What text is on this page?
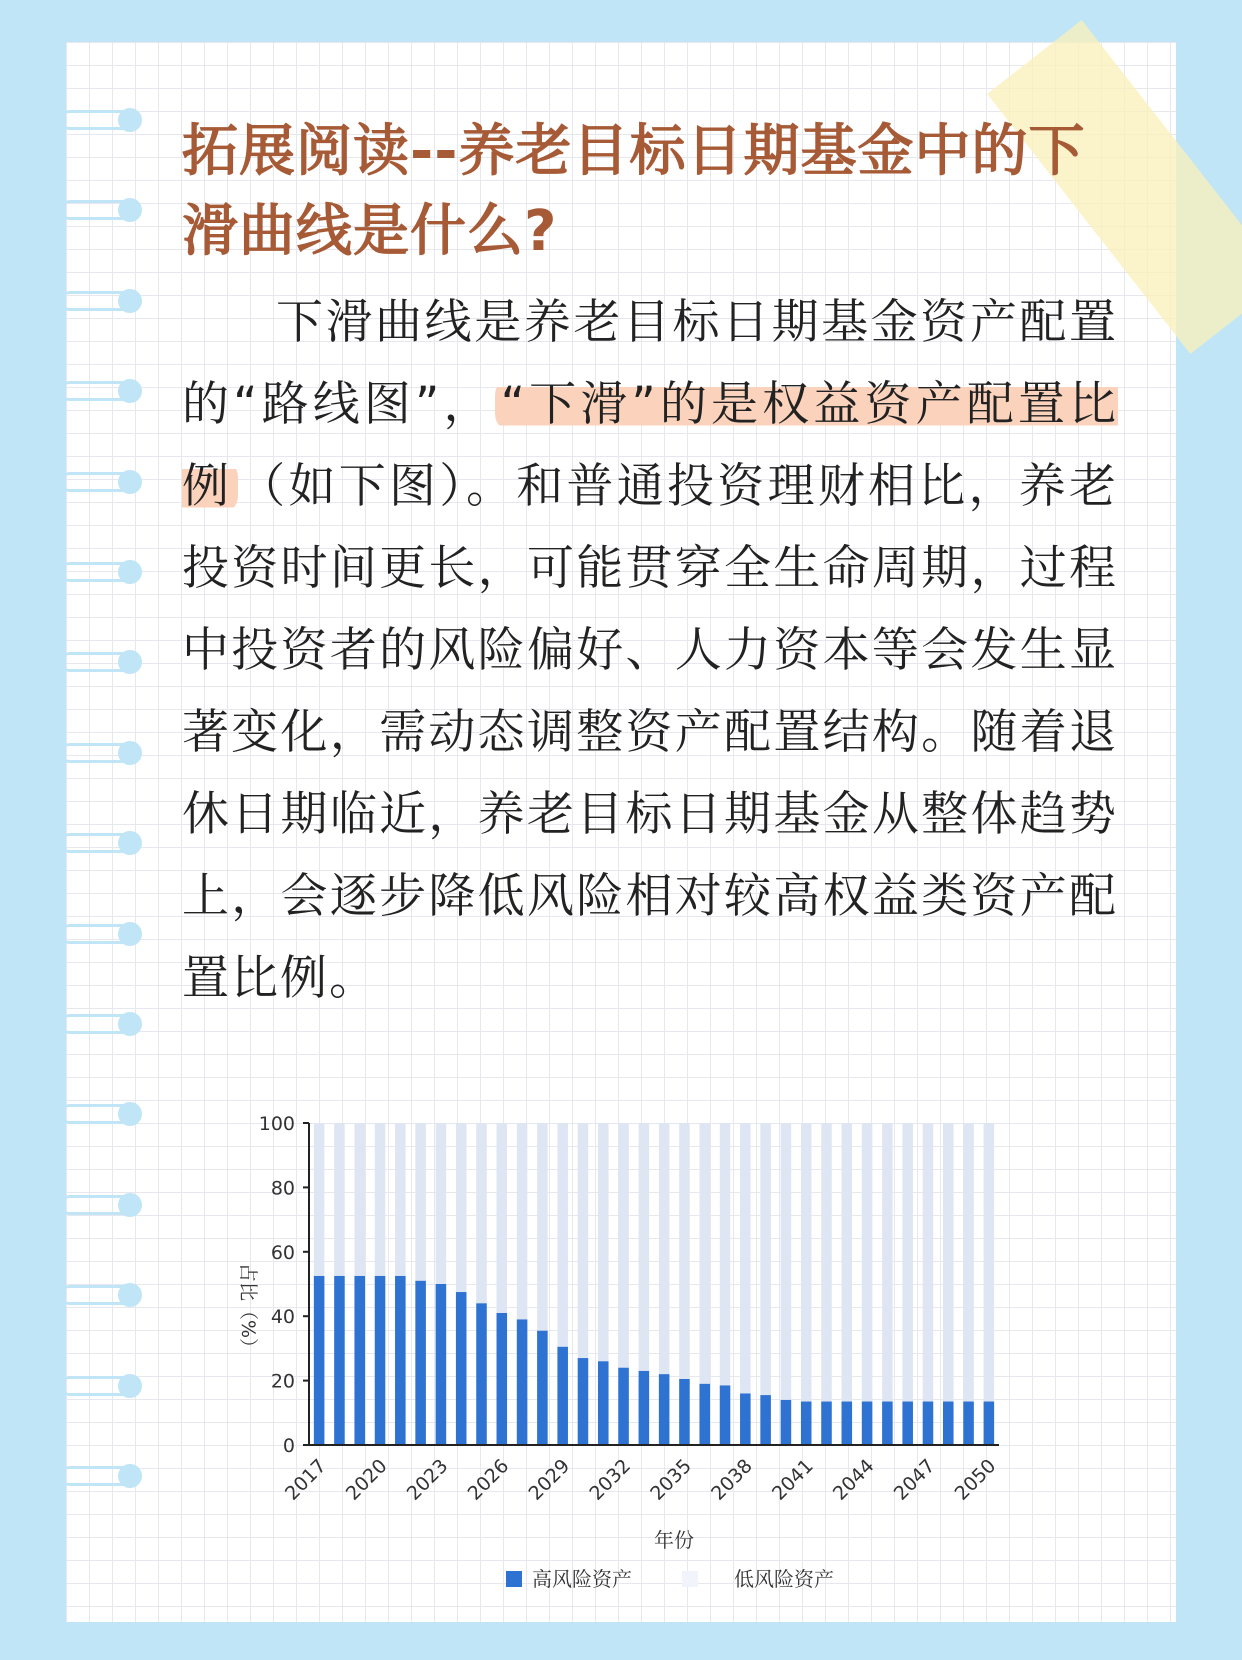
拓展阅读--养老目标日期基金中的下滑曲线是什么?

下滑曲线是养老目标日期基金资产配置的“路线图”， “下滑”的是权益资产配置比例 （如下图）。和普通投资理财相比，养老投资时间更长，可能贯穿全生命周期，过程中投资者的风险偏好、人力资本等会发生显著变化，需动态调整资产配置结构。随着退休日期临近，养老目标日期基金从整体趋势上，会逐步降低风险相对较高权益类资产配置比例。

0
20
40
60
80
100
2017 2020 2023 2026 2029 2032 2035 2038 2041 2044 2047 2050
占比（%）
年份
高风险资产	低风险资产
